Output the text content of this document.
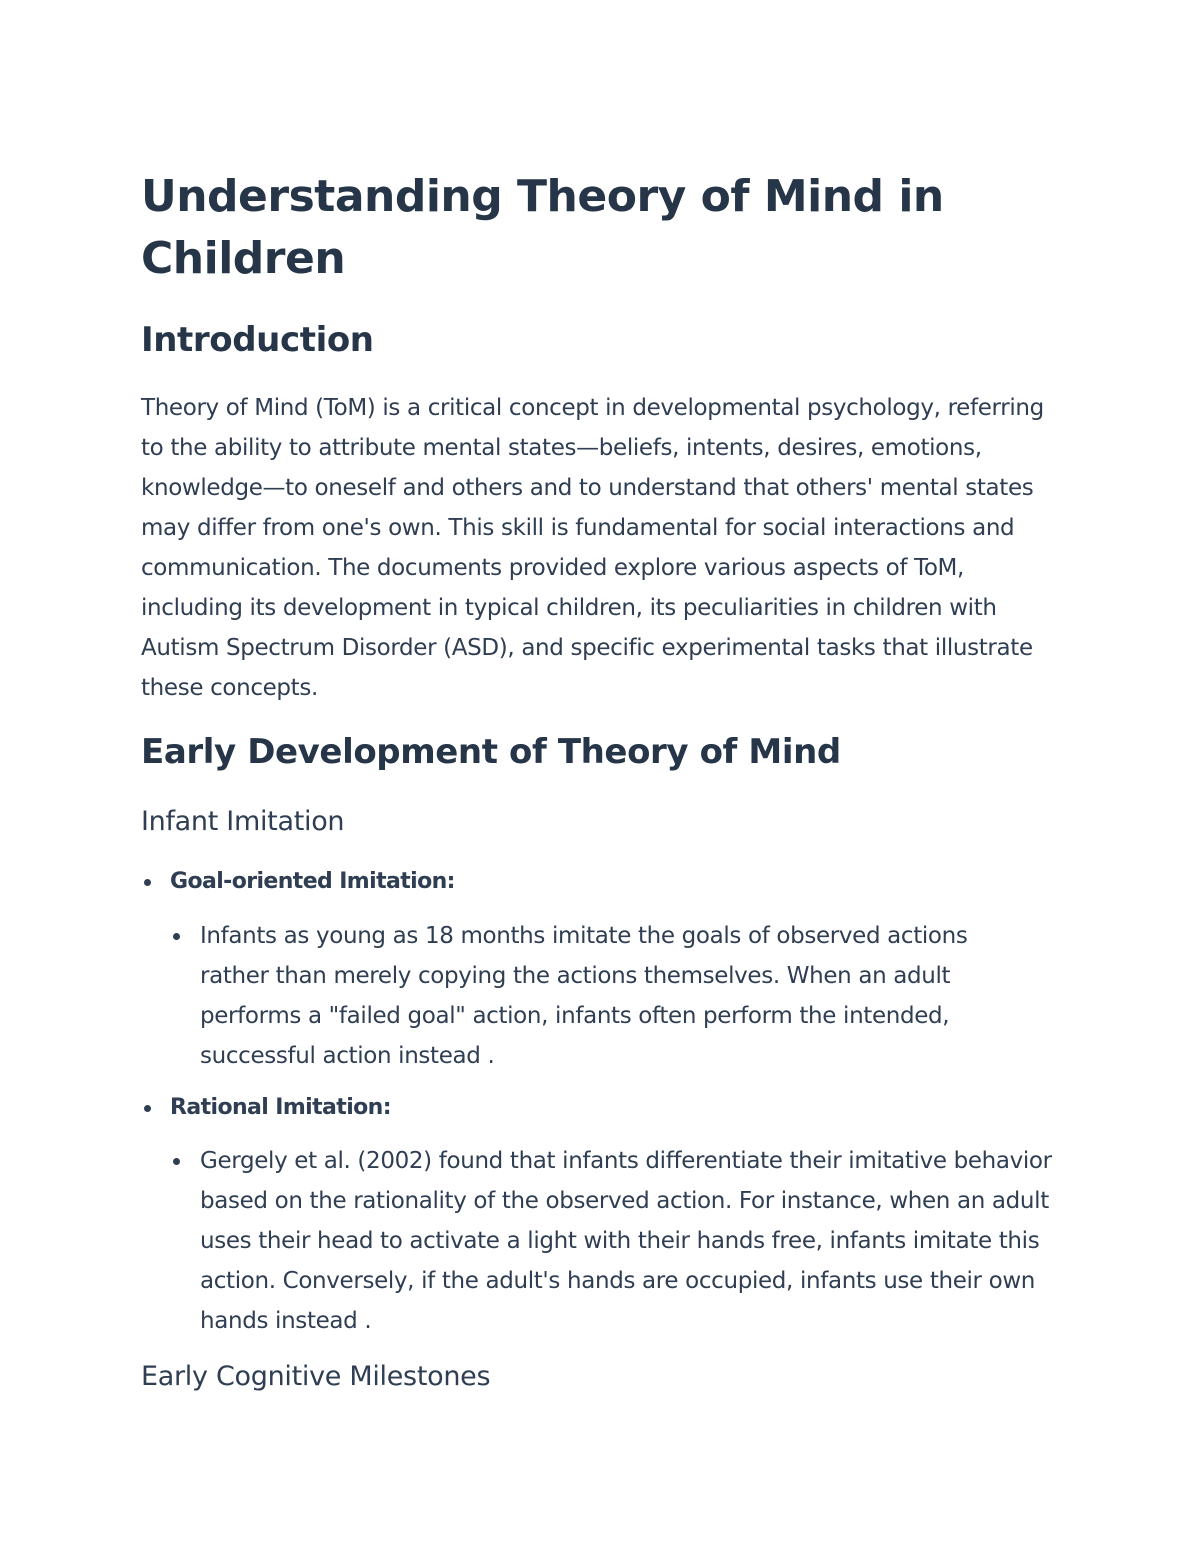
Understanding Theory of Mind in Children
Introduction

Theory of Mind (ToM) is a critical concept in developmental psychology, referring to the ability to attribute mental states—beliefs, intents, desires, emotions, knowledge—to oneself and others and to understand that others' mental states may differ from one's own. This skill is fundamental for social interactions and communication. The documents provided explore various aspects of ToM, including its development in typical children, its peculiarities in children with Autism Spectrum Disorder (ASD), and specific experimental tasks that illustrate these concepts.

Early Development of Theory of Mind
Infant Imitation
Goal-oriented Imitation:
Infants as young as 18 months imitate the goals of observed actions rather than merely copying the actions themselves. When an adult performs a "failed goal" action, infants often perform the intended, successful action instead .
Rational Imitation:
Gergely et al. (2002) found that infants differentiate their imitative behavior based on the rationality of the observed action. For instance, when an adult uses their head to activate a light with their hands free, infants imitate this action. Conversely, if the adult's hands are occupied, infants use their own hands instead .
Early Cognitive Milestones
